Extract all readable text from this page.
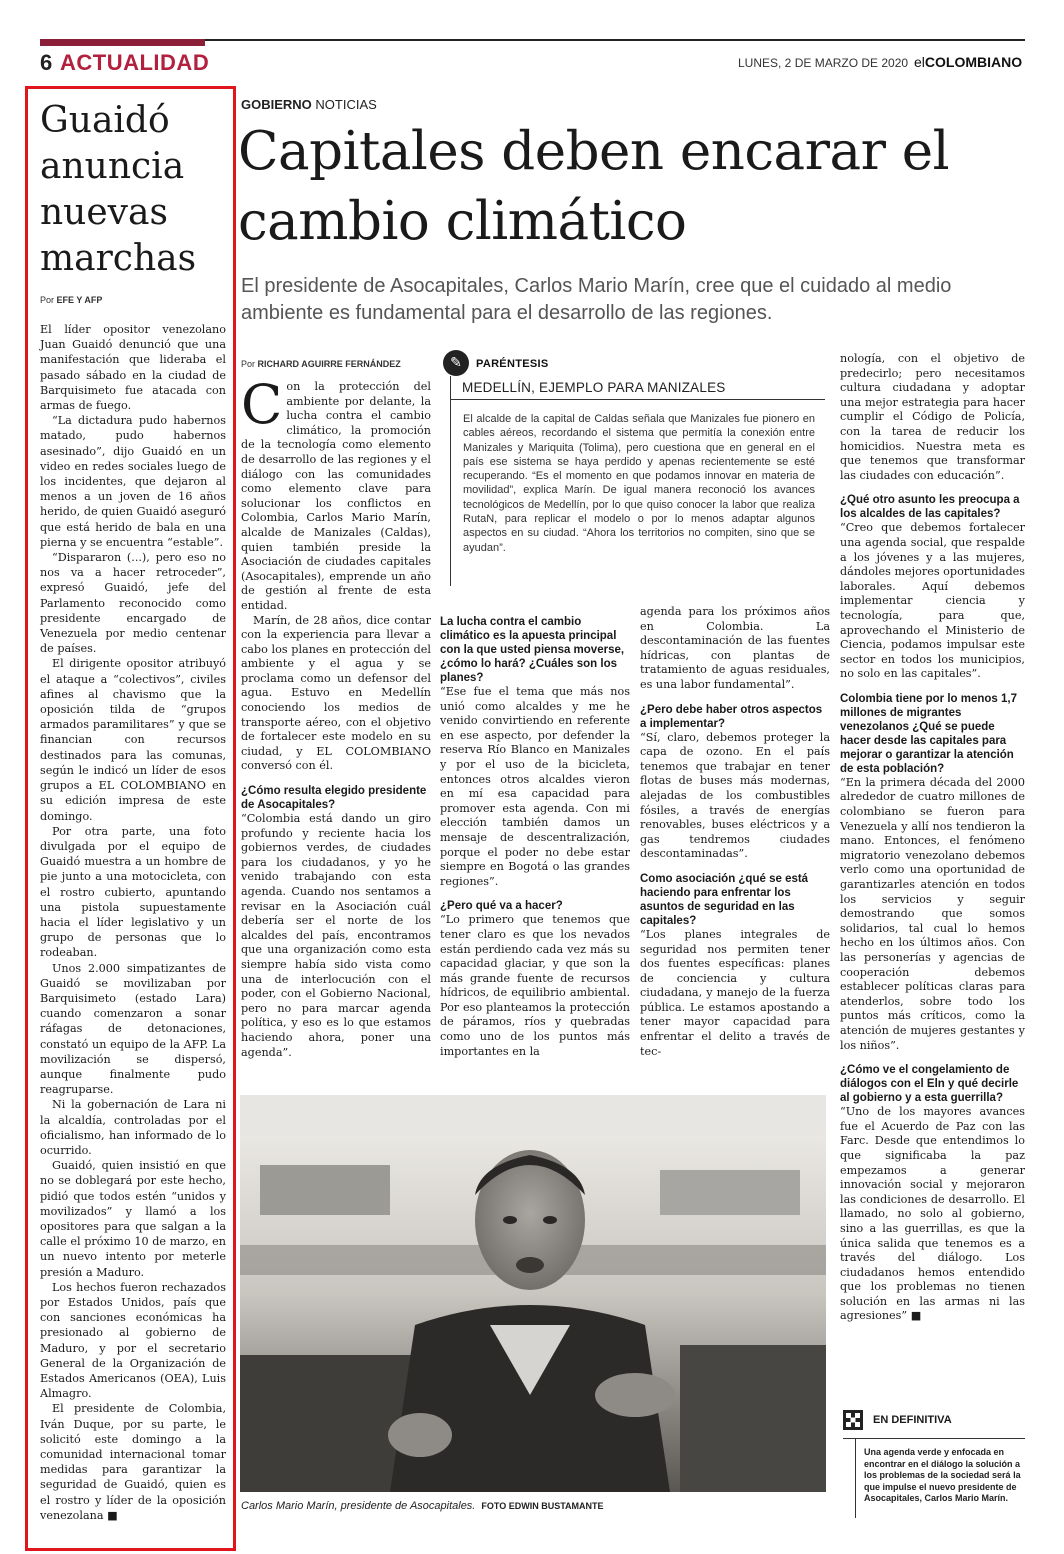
6 ACTUALIDAD	LUNES, 2 DE MARZO DE 2020 elCOLOMBIANO
Guaidó anuncia nuevas marchas
Por EFE Y AFP

El líder opositor venezolano Juan Guaidó denunció que una manifestación que lideraba el pasado sábado en la ciudad de Barquisimeto fue atacada con armas de fuego.

“La dictadura pudo habernos matado, pudo habernos asesinado”, dijo Guaidó en un video en redes sociales luego de los incidentes, que dejaron al menos a un joven de 16 años herido, de quien Guaidó aseguró que está herido de bala en una pierna y se encuentra “estable”.

“Dispararon (...), pero eso no nos va a hacer retroceder”, expresó Guaidó, jefe del Parlamento reconocido como presidente encargado de Venezuela por medio centenar de países.

El dirigente opositor atribuyó el ataque a “colectivos”, civiles afines al chavismo que la oposición tilda de “grupos armados paramilitares” y que se financian con recursos destinados para las comunas, según le indicó un líder de esos grupos a EL COLOMBIANO en su edición impresa de este domingo.

Por otra parte, una foto divulgada por el equipo de Guaidó muestra a un hombre de pie junto a una motocicleta, con el rostro cubierto, apuntando una pistola supuestamente hacia el líder legislativo y un grupo de personas que lo rodeaban.

Unos 2.000 simpatizantes de Guaidó se movilizaban por Barquisimeto (estado Lara) cuando comenzaron a sonar ráfagas de detonaciones, constató un equipo de la AFP. La movilización se dispersó, aunque finalmente pudo reagruparse.

Ni la gobernación de Lara ni la alcaldía, controladas por el oficialismo, han informado de lo ocurrido.

Guaidó, quien insistió en que no se doblegará por este hecho, pidió que todos estén “unidos y movilizados” y llamó a los opositores para que salgan a la calle el próximo 10 de marzo, en un nuevo intento por meterle presión a Maduro.

Los hechos fueron rechazados por Estados Unidos, país que con sanciones económicas ha presionado al gobierno de Maduro, y por el secretario General de la Organización de Estados Americanos (OEA), Luis Almagro.

El presidente de Colombia, Iván Duque, por su parte, le solicitó este domingo a la comunidad internacional tomar medidas para garantizar la seguridad de Guaidó, quien es el rostro y líder de la oposición venezolana ■

GOBIERNO NOTICIAS
Capitales deben encarar el cambio climático
El presidente de Asocapitales, Carlos Mario Marín, cree que el cuidado al medio ambiente es fundamental para el desarrollo de las regiones.
Por RICHARD AGUIRRE FERNÁNDEZ

Con la protección del ambiente por delante, la lucha contra el cambio climático, la promoción de la tecnología como elemento de desarrollo de las regiones y el diálogo con las comunidades como elemento clave para solucionar los conflictos en Colombia, Carlos Mario Marín, alcalde de Manizales (Caldas), quien también preside la Asociación de ciudades capitales (Asocapitales), emprende un año de gestión al frente de esta entidad.

Marín, de 28 años, dice contar con la experiencia para llevar a cabo los planes en protección del ambiente y el agua y se proclama como un defensor del agua. Estuvo en Medellín conociendo los medios de transporte aéreo, con el objetivo de fortalecer este modelo en su ciudad, y EL COLOMBIANO conversó con él.

¿Cómo resulta elegido presidente de Asocapitales?

“Colombia está dando un giro profundo y reciente hacia los gobiernos verdes, de ciudades para los ciudadanos, y yo he venido trabajando con esta agenda. Cuando nos sentamos a revisar en la Asociación cuál debería ser el norte de los alcaldes del país, encontramos que una organización como esta siempre había sido vista como una de interlocución con el poder, con el Gobierno Nacional, pero no para marcar agenda política, y eso es lo que estamos haciendo ahora, poner una agenda”.

La lucha contra el cambio climático es la apuesta principal con la que usted piensa moverse, ¿cómo lo hará? ¿Cuáles son los planes?

“Ese fue el tema que más nos unió como alcaldes y me he venido convirtiendo en referente en ese aspecto, por defender la reserva Río Blanco en Manizales y por el uso de la bicicleta, entonces otros alcaldes vieron en mí esa capacidad para promover esta agenda. Con mi elección también damos un mensaje de descentralización, porque el poder no debe estar siempre en Bogotá o las grandes regiones”.

¿Pero qué va a hacer?

“Lo primero que tenemos que tener claro es que los nevados están perdiendo cada vez más su capacidad glaciar, y que son la más grande fuente de recursos hídricos, de equilibrio ambiental. Por eso planteamos la protección de páramos, ríos y quebradas como uno de los puntos más importantes en la

agenda para los próximos años en Colombia. La descontaminación de las fuentes hídricas, con plantas de tratamiento de aguas residuales, es una labor fundamental”.

¿Pero debe haber otros aspectos a implementar?

“Sí, claro, debemos proteger la capa de ozono. En el país tenemos que trabajar en tener flotas de buses más modernas, alejadas de los combustibles fósiles, a través de energías renovables, buses eléctricos y a gas tendremos ciudades descontaminadas”.

Como asociación ¿qué se está haciendo para enfrentar los asuntos de seguridad en las capitales?

“Los planes integrales de seguridad nos permiten tener dos fuentes específicas: planes de conciencia y cultura ciudadana, y manejo de la fuerza pública. Le estamos apostando a tener mayor capacidad para enfrentar el delito a través de tec-

nología, con el objetivo de predecirlo; pero necesitamos cultura ciudadana y adoptar una mejor estrategia para hacer cumplir el Código de Policía, con la tarea de reducir los homicidios. Nuestra meta es que tenemos que transformar las ciudades con educación”.

¿Qué otro asunto les preocupa a los alcaldes de las capitales?

“Creo que debemos fortalecer una agenda social, que respalde a los jóvenes y a las mujeres, dándoles mejores oportunidades laborales. Aquí debemos implementar ciencia y tecnología, para que, aprovechando el Ministerio de Ciencia, podamos impulsar este sector en todos los municipios, no solo en las capitales”.

Colombia tiene por lo menos 1,7 millones de migrantes venezolanos ¿Qué se puede hacer desde las capitales para mejorar o garantizar la atención de esta población?

“En la primera década del 2000 alrededor de cuatro millones de colombiano se fueron para Venezuela y allí nos tendieron la mano. Entonces, el fenómeno migratorio venezolano debemos verlo como una oportunidad de garantizarles atención en todos los servicios y seguir demostrando que somos solidarios, tal cual lo hemos hecho en los últimos años. Con las personerías y agencias de cooperación debemos establecer políticas claras para atenderlos, sobre todo los puntos más críticos, como la atención de mujeres gestantes y los niños”.

¿Cómo ve el congelamiento de diálogos con el Eln y qué decirle al gobierno y a esta guerrilla?

“Uno de los mayores avances fue el Acuerdo de Paz con las Farc. Desde que entendimos lo que significaba la paz empezamos a generar innovación social y mejoraron las condiciones de desarrollo. El llamado, no solo al gobierno, sino a las guerrillas, es que la única salida que tenemos es a través del diálogo. Los ciudadanos hemos entendido que los problemas no tienen solución en las armas ni las agresiones” ■

✎	PARÉNTESIS
MEDELLÍN, EJEMPLO PARA MANIZALES
El alcalde de la capital de Caldas señala que Manizales fue pionero en cables aéreos, recordando el sistema que permitía la conexión entre Manizales y Mariquita (Tolima), pero cuestiona que en general en el país ese sistema se haya perdido y apenas recientemente se esté recuperando. “Es el momento en que podamos innovar en materia de movilidad”, explica Marín. De igual manera reconoció los avances tecnológicos de Medellín, por lo que quiso conocer la labor que realiza RutaN, para replicar el modelo o por lo menos adaptar algunos aspectos en su ciudad. “Ahora los territorios no compiten, sino que se ayudan”.
Carlos Mario Marín, presidente de Asocapitales. FOTO EDWIN BUSTAMANTE
EN DEFINITIVA
Una agenda verde y enfocada en encontrar en el diálogo la solución a los problemas de la sociedad será la que impulse el nuevo presidente de Asocapitales, Carlos Mario Marín.
